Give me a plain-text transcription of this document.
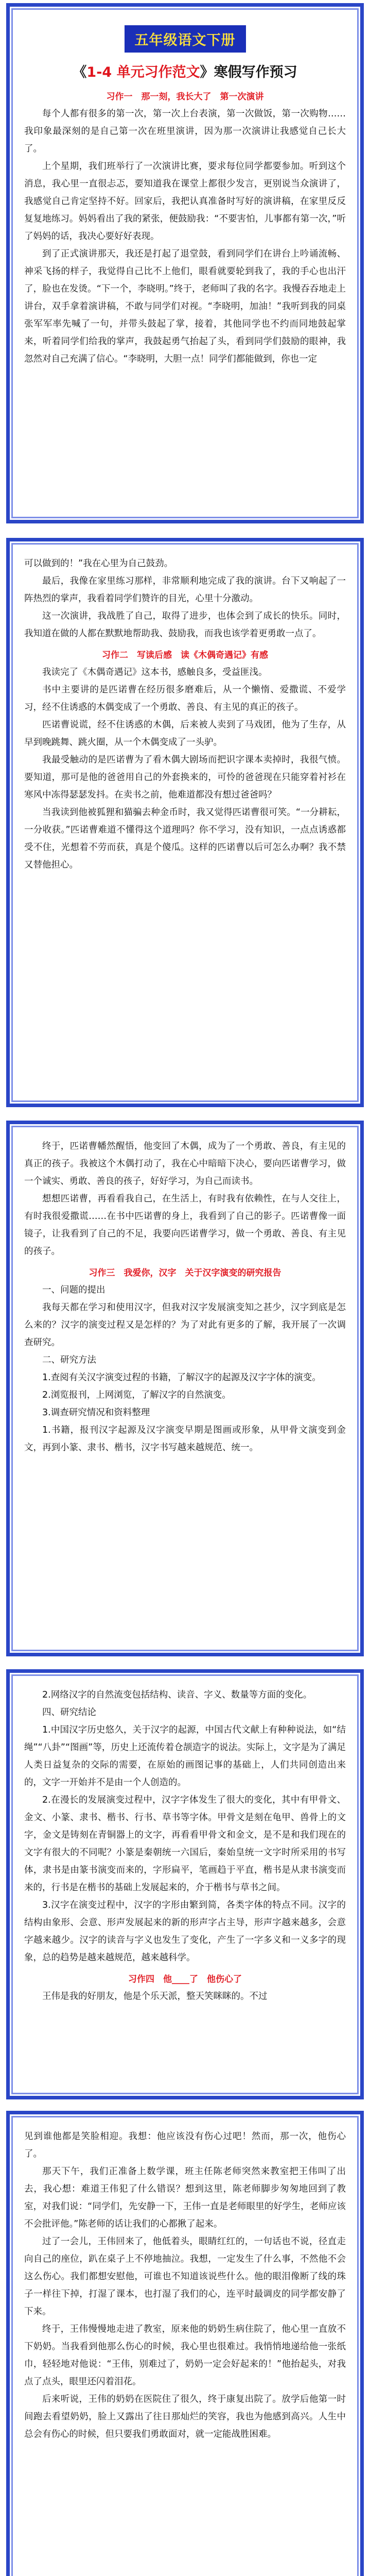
五年级语文下册
《1-4 单元习作范文》寒假写作预习
习作一　那一刻，我长大了　第一次演讲

每个人都有很多的第一次，第一次上台表演，第一次做饭，第一次购物……我印象最深刻的是自己第一次在班里演讲，因为那一次演讲让我感觉自己长大了。

上个星期，我们班举行了一次演讲比赛，要求每位同学都要参加。听到这个消息，我心里一直很忐忑，要知道我在课堂上都很少发言，更别说当众演讲了，我感觉自己肯定坚持不好。回家后，我把认真准备时写好的演讲稿，在家里反反复复地练习。妈妈看出了我的紧张，便鼓励我：“不要害怕，儿事都有第一次，”听了妈妈的话，我决心要好好表现。

到了正式演讲那天，我还是打起了退堂鼓，看到同学们在讲台上吟诵流畅、神采飞扬的样子，我觉得自己比不上他们，眼看就要轮到我了，我的手心也出汗了，脸也在发烫。“下一个，李晓明。”终于，老师叫了我的名字。我慢吞吞地走上讲台，双手拿着演讲稿，不敢与同学们对视。“李晓明，加油！”我听到我的同桌张军军率先喊了一句，并带头鼓起了掌，接着，其他同学也不约而同地鼓起掌来，听着同学们给我的掌声，我鼓起勇气抬起了头，看到同学们鼓励的眼神，我忽然对自己充满了信心。“李晓明，大胆一点！同学们都能做到，你也一定

可以做到的！”我在心里为自己鼓劲。

最后，我像在家里练习那样，非常顺利地完成了我的演讲。台下又响起了一阵热烈的掌声，我看着同学们赞许的目光，心里十分激动。

这一次演讲，我战胜了自己，取得了进步，也体会到了成长的快乐。同时，我知道在做的人都在默默地帮助我、鼓励我，而我也该学着更勇敢一点了。

习作二　写读后感　读《木偶奇遇记》有感

我读完了《木偶奇遇记》这本书，感触良多，受益匪浅。

书中主要讲的是匹诺曹在经历很多磨难后，从一个懒惰、爱撒谎、不爱学习，经不住诱惑的木偶变成了一个勇敢、善良、有主见的真正的孩子。

匹诺曹说谎，经不住诱惑的木偶，后来被人卖到了马戏团，他为了生存，从早到晚跳舞、跳火圈，从一个木偶变成了一头驴。

我最受触动的是匹诺曹为了看木偶大剧场而把识字课本卖掉时，我很气愤。要知道，那可是他的爸爸用自己的外套换来的，可怜的爸爸现在只能穿着衬衫在寒风中冻得瑟瑟发抖。在卖书之前，他难道都没有想过爸爸吗？

当我读到他被狐狸和猫骗去种金币时，我又觉得匹诺曹很可笑。“一分耕耘，一分收获。”匹诺曹难道不懂得这个道理吗？你不学习，没有知识，一点点诱惑都受不住，光想着不劳而获，真是个傻瓜。这样的匹诺曹以后可怎么办啊？我不禁又替他担心。

终于，匹诺曹幡然醒悟，他变回了木偶，成为了一个勇敢、善良，有主见的真正的孩子。我被这个木偶打动了，我在心中暗暗下决心，要向匹诺曹学习，做一个诚实、勇敢、善良的孩子，好好学习，为自己而读书。

想想匹诺曹，再看看我自己，在生活上，有时我有依赖性，在与人交往上，有时我很爱撒谎……在书中匹诺曹的身上，我看到了自己的影子。匹诺曹像一面镜子，让我看到了自己的不足，我要向匹诺曹学习，做一个勇敢、善良、有主见的孩子。

习作三　我爱你，汉字　关于汉字演变的研究报告

一、问题的提出

我每天都在学习和使用汉字，但我对汉字发展演变知之甚少，汉字到底是怎么来的？汉字的演变过程又是怎样的？为了对此有更多的了解，我开展了一次调查研究。

二、研究方法

1.查阅有关汉字演变过程的书籍，了解汉字的起源及汉字字体的演变。

2.浏览报刊，上网浏览，了解汉字的自然演变。

3.调查研究情况和资料整理

1.书籍，报刊汉字起源及汉字演变早期是图画或形象，从甲骨文演变到金文，再到小篆、隶书、楷书，汉字书写越来越规范、统一。

2.网络汉字的自然流变包括结构、读音、字义、数量等方面的变化。

四、研究结论

1.中国汉字历史悠久，关于汉字的起源，中国古代文献上有种种说法，如“结绳”“八卦”“图画”等，历史上还流传着仓颉造字的说法。实际上，文字是为了满足人类日益复杂的交际的需要，在原始的画图记事的基础上，人们共同创造出来的，文字一开始并不是由一个人创造的。

2.在漫长的发展演变过程中，汉字字体发生了很大的变化，其中有甲骨文、金文、小篆、隶书、楷书、行书、草书等字体。甲骨文是刻在龟甲、兽骨上的文字，金文是铸刻在青铜器上的文字，再看看甲骨文和金文，是不是和我们现在的文字有很大的不同呢？小篆是秦朝统一六国后，秦始皇统一文字时所采用的书写体，隶书是由篆书演变而来的，字形扁平，笔画趋于平直，楷书是从隶书演变而来的，行书是在楷书的基础上发展起来的，介于楷书与草书之间。

3.汉字在演变过程中，汉字的字形由繁到简，各类字体的特点不同。汉字的结构由象形、会意、形声发展起来的新的形声字占主导，形声字越来越多，会意字越来越少。汉字的读音与字义也发生了变化，产生了一字多义和一义多字的现象，总的趋势是越来越规范，越来越科学。

习作四　他____了　他伤心了

王伟是我的好朋友，他是个乐天派，整天笑眯眯的。不过

见到谁他都是笑脸相迎。我想：他应该没有伤心过吧！然而，那一次，他伤心了。

那天下午，我们正准备上数学课，班主任陈老师突然来教室把王伟叫了出去，我心想：难道王伟犯了什么错误？想到这里，陈老师脚步匆匆地回到了教室，对我们说：“同学们，先安静一下，王伟一直是老师眼里的好学生，老师应该不会批评他。”陈老师的话让我们的心都揪了起来。

过了一会儿，王伟回来了，他低着头，眼睛红红的，一句话也不说，径直走向自己的座位，趴在桌子上不停地抽泣。我想，一定发生了什么事，不然他不会这么伤心。我们都想安慰他，可谁也不知道该说些什么。他的眼泪像断了线的珠子一样往下掉，打湿了课本，也打湿了我们的心，连平时最调皮的同学都安静了下来。

终于，王伟慢慢地走进了教室，原来他的奶奶生病住院了，他心里一直放不下奶奶。当我看到他那么伤心的时候，我心里也很难过。我悄悄地递给他一张纸巾，轻轻地对他说：“王伟，别难过了，奶奶一定会好起来的！”他抬起头，对我点了点头，眼里还闪着泪花。

后来听说，王伟的奶奶在医院住了很久，终于康复出院了。放学后他第一时间跑去看望奶奶，脸上又露出了往日那灿烂的笑容，我也为他感到高兴。人生中总会有伤心的时候，但只要我们勇敢面对，就一定能战胜困难。
